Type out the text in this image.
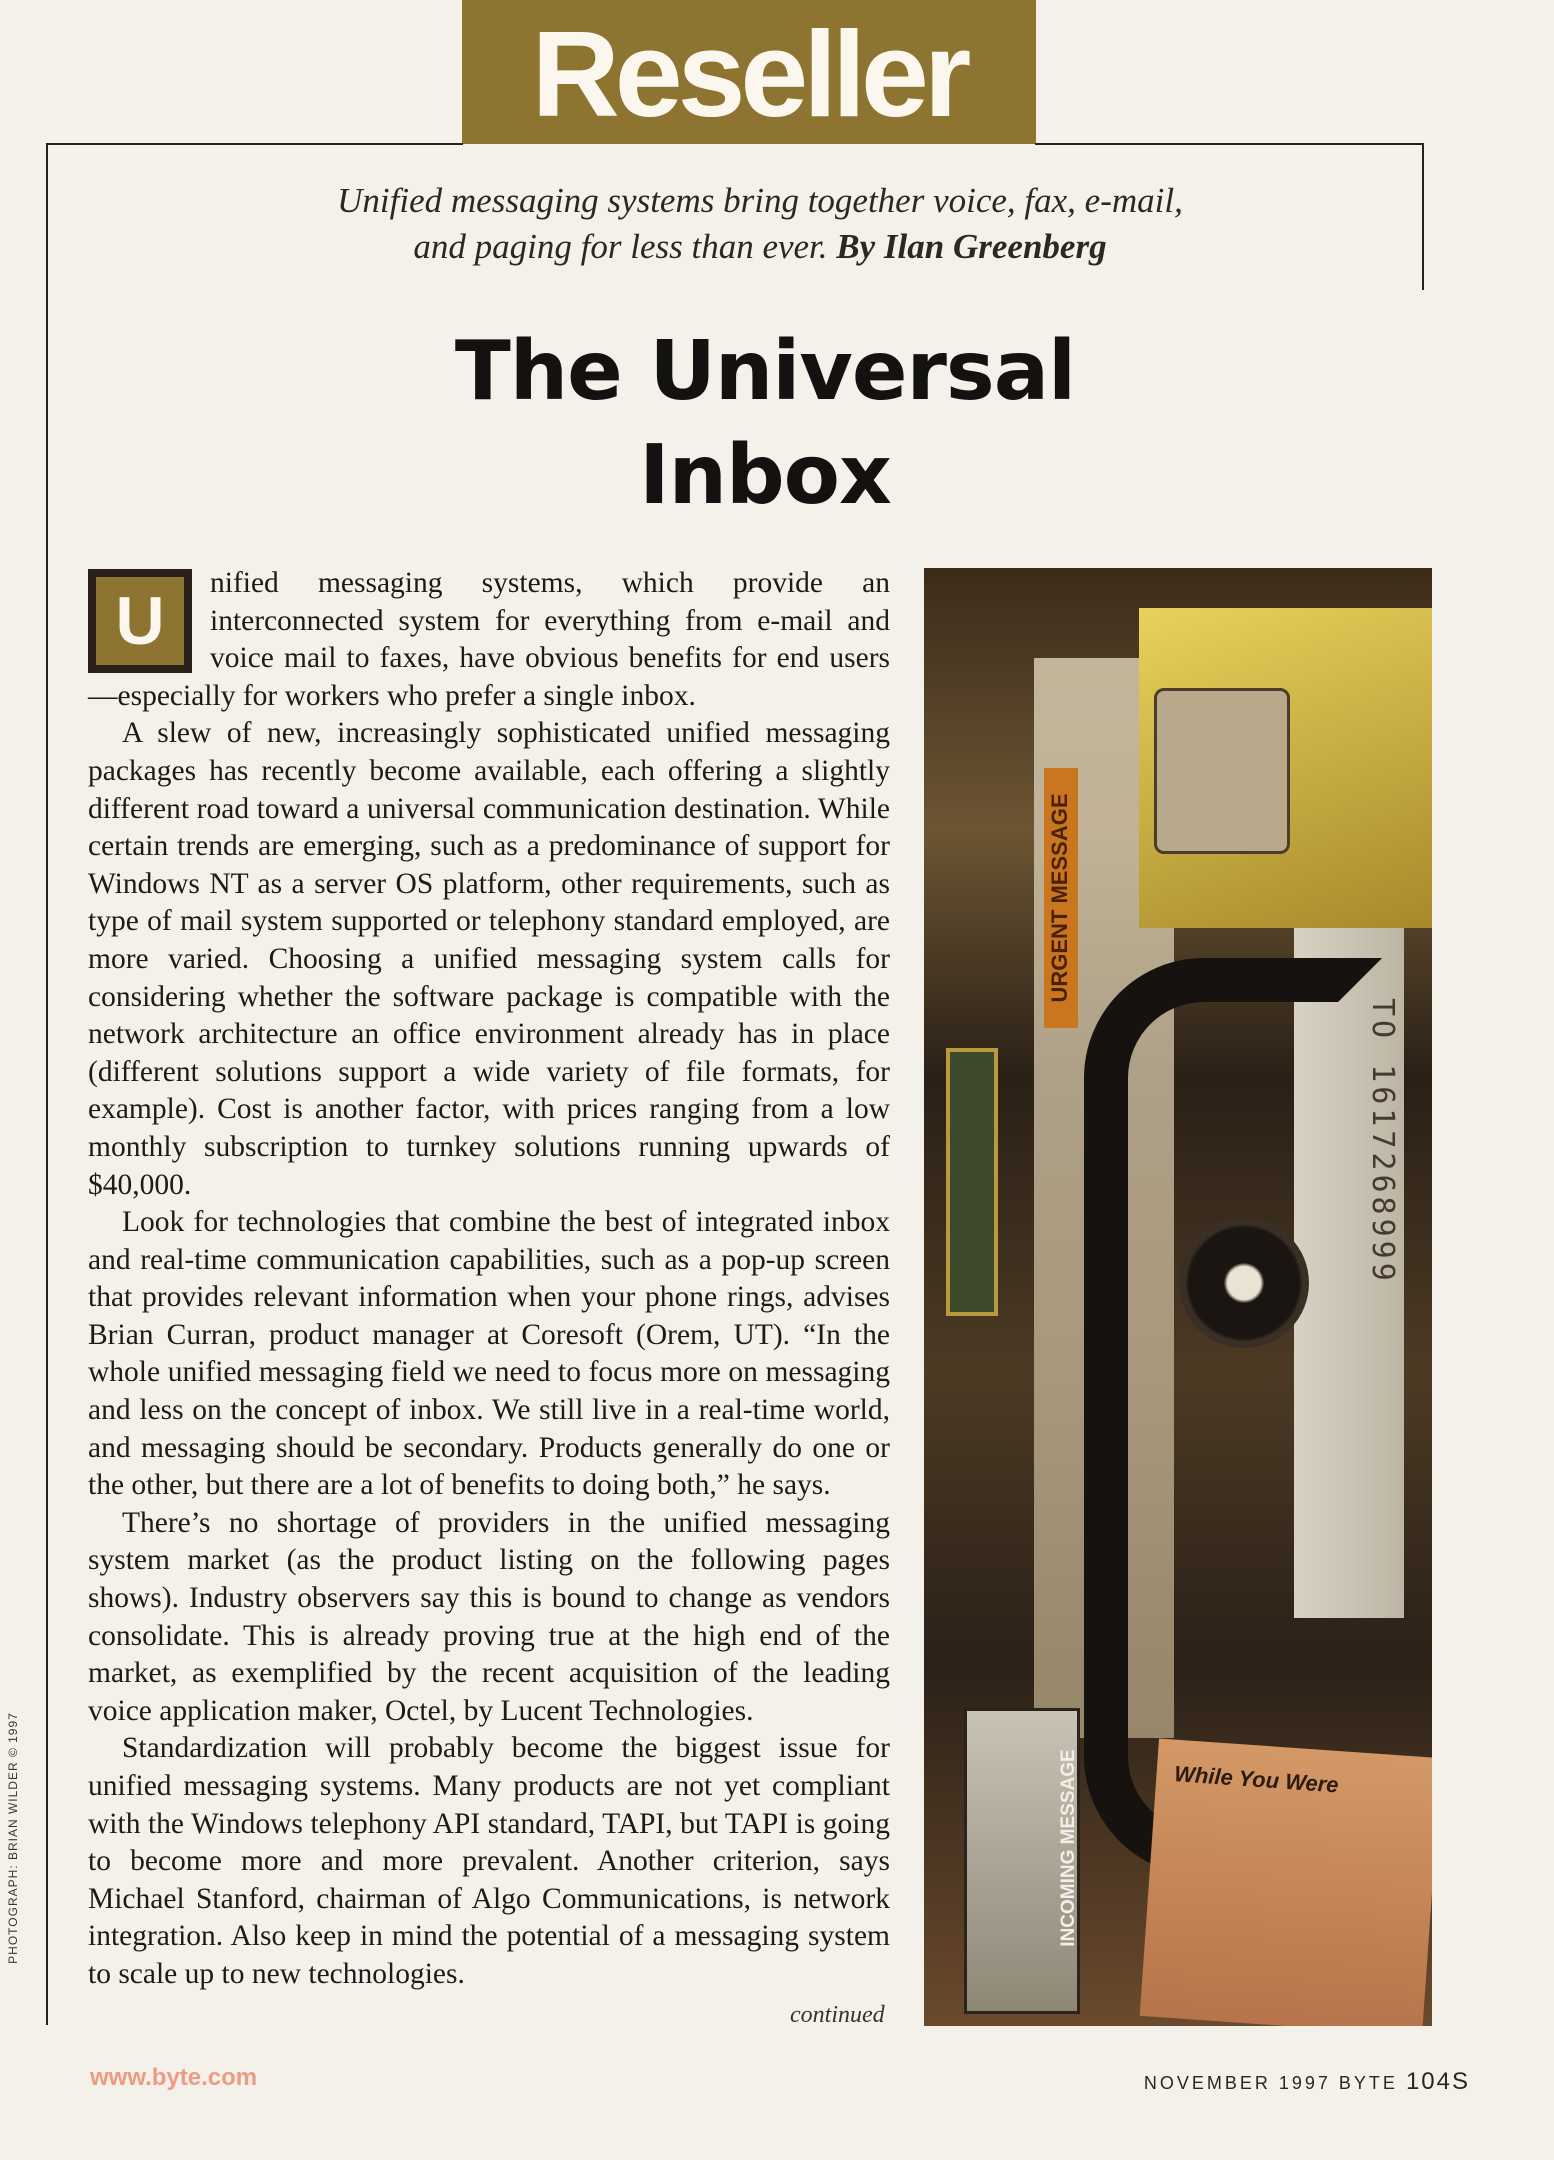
Reseller
Unified messaging systems bring together voice, fax, e-mail,
and paging for less than ever. By Ilan Greenberg
The Universal
Inbox

U	nified messaging systems, which provide an interconnected system for everything from e-mail and voice mail to faxes, have obvious benefits for end users—especially for workers who prefer a single inbox.

A slew of new, increasingly sophisticated unified messaging packages has recently become available, each offering a slightly different road toward a universal communication destination. While certain trends are emerging, such as a predominance of support for Windows NT as a server OS platform, other requirements, such as type of mail system supported or telephony standard employed, are more varied. Choosing a unified messaging system calls for considering whether the software package is compatible with the network architecture an office environment already has in place (different solutions support a wide variety of file formats, for example). Cost is another factor, with prices ranging from a low monthly subscription to turnkey solutions running upwards of $40,000.

Look for technologies that combine the best of integrated inbox and real-time communication capabilities, such as a pop-up screen that provides relevant information when your phone rings, advises Brian Curran, product manager at Coresoft (Orem, UT). “In the whole unified messaging field we need to focus more on messaging and less on the concept of inbox. We still live in a real-time world, and messaging should be secondary. Products generally do one or the other, but there are a lot of benefits to doing both,” he says.

There’s no shortage of providers in the unified messaging system market (as the product listing on the following pages shows). Industry observers say this is bound to change as vendors consolidate. This is already proving true at the high end of the market, as exemplified by the recent acquisition of the leading voice application maker, Octel, by Lucent Technologies.

Standardization will probably become the biggest issue for unified messaging systems. Many products are not yet compliant with the Windows telephony API standard, TAPI, but TAPI is going to become more and more prevalent. Another criterion, says Michael Stanford, chairman of Algo Communications, is network integration. Also keep in mind the potential of a messaging system to scale up to new technologies.

continued
URGENT MESSAGE
TO 1617268999
INCOMING MESSAGE	While You Were
PHOTOGRAPH: BRIAN WILDER © 1997
www.byte.com	NOVEMBER 1997 BYTE 104S
